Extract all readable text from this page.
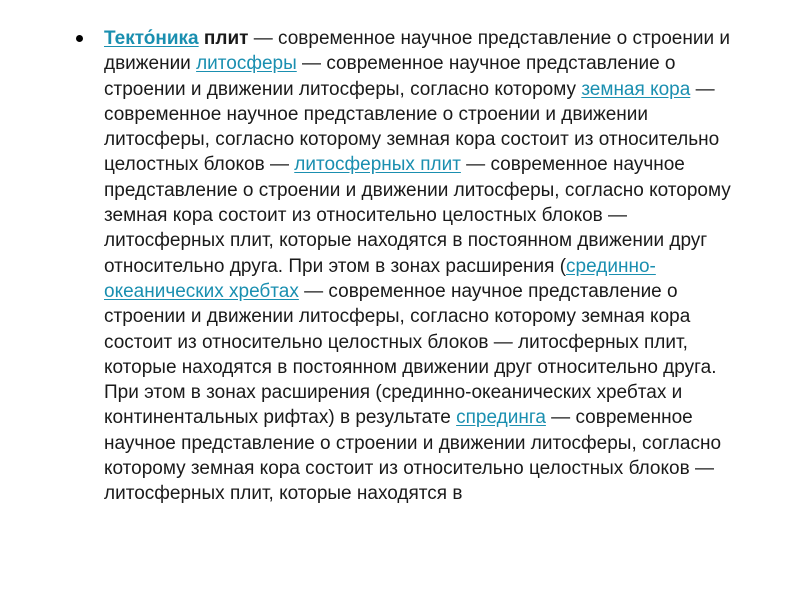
Текто́ника плит — современное научное представление о строении и движении литосферы — современное научное представление о строении и движении литосферы, согласно которому земная кора — современное научное представление о строении и движении литосферы, согласно которому земная кора состоит из относительно целостных блоков — литосферных плит — современное научное представление о строении и движении литосферы, согласно которому земная кора состоит из относительно целостных блоков — литосферных плит, которые находятся в постоянном движении друг относительно друга. При этом в зонах расширения (срединно-океанических хребтах — современное научное представление о строении и движении литосферы, согласно которому земная кора состоит из относительно целостных блоков — литосферных плит, которые находятся в постоянном движении друг относительно друга. При этом в зонах расширения (срединно-океанических хребтах и континентальных рифтах) в результате спрединга — современное научное представление о строении и движении литосферы, согласно которому земная кора состоит из относительно целостных блоков — литосферных плит, которые находятся в
